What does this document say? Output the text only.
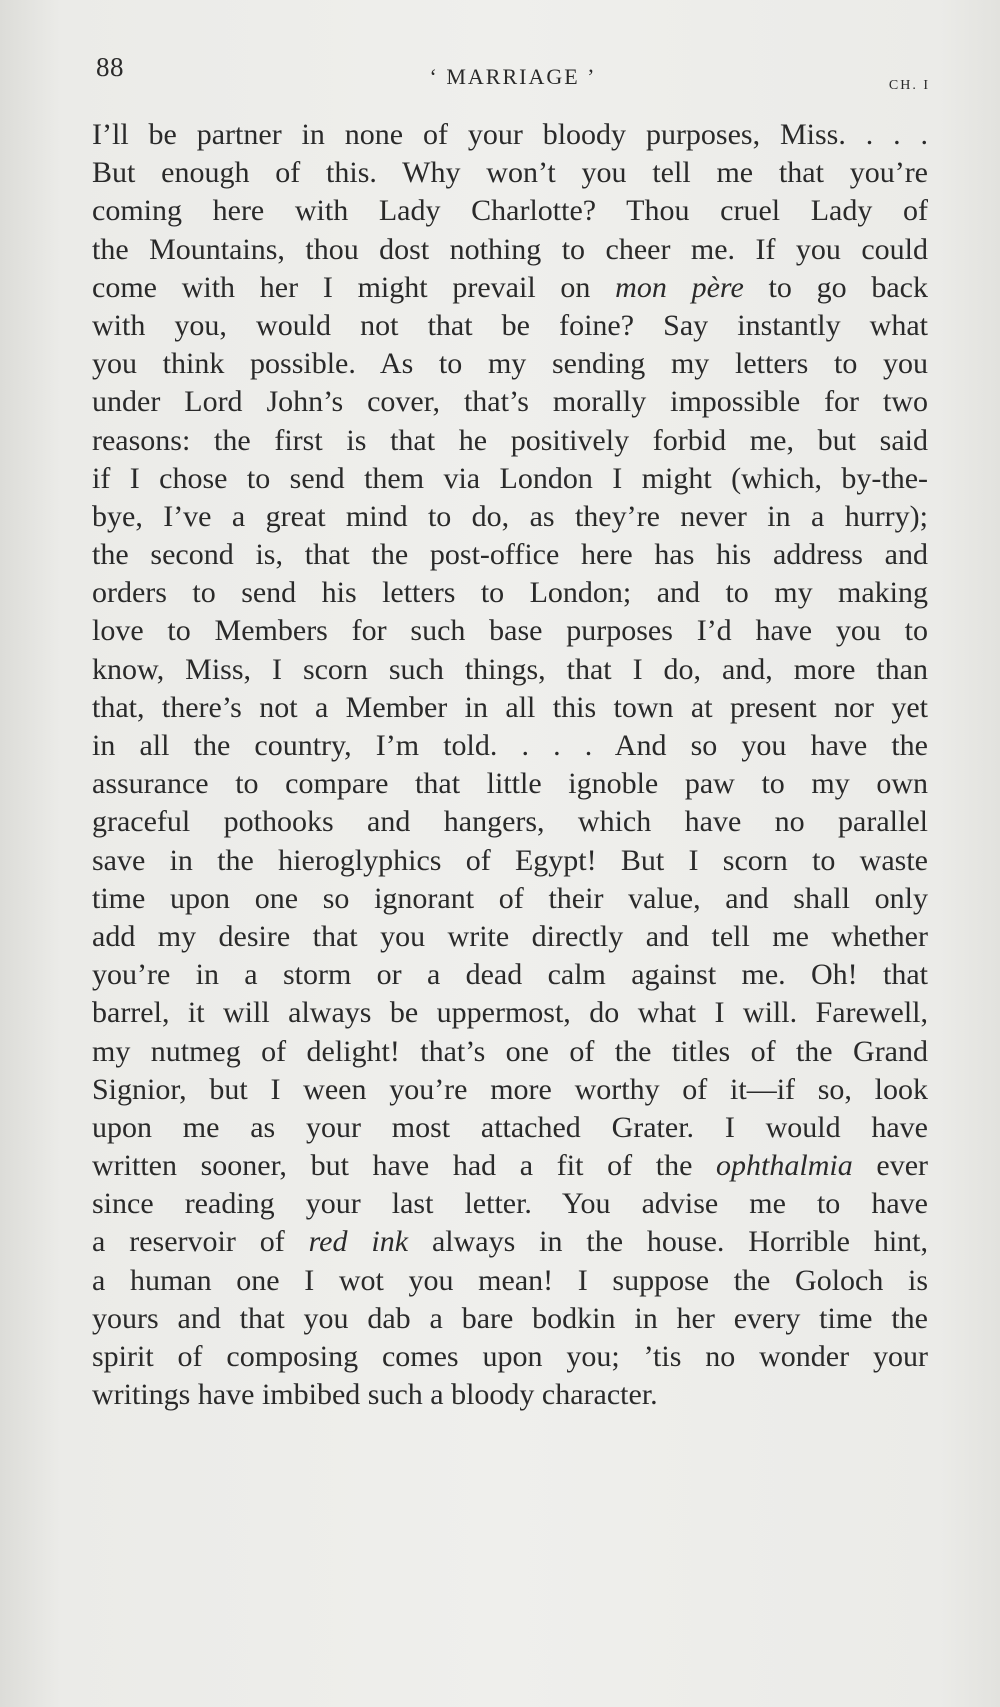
88	‘ MARRIAGE ’	CH. I
I’ll be partner in none of your bloody purposes, Miss. . . .
But enough of this. Why won’t you tell me that you’re
coming here with Lady Charlotte? Thou cruel Lady of
the Mountains, thou dost nothing to cheer me. If you could
come with her I might prevail on mon père to go back
with you, would not that be foine? Say instantly what
you think possible. As to my sending my letters to you
under Lord John’s cover, that’s morally impossible for two
reasons: the first is that he positively forbid me, but said
if I chose to send them via London I might (which, by-the-
bye, I’ve a great mind to do, as they’re never in a hurry);
the second is, that the post-office here has his address and
orders to send his letters to London; and to my making
love to Members for such base purposes I’d have you to
know, Miss, I scorn such things, that I do, and, more than
that, there’s not a Member in all this town at present nor yet
in all the country, I’m told. . . . And so you have the
assurance to compare that little ignoble paw to my own
graceful pothooks and hangers, which have no parallel
save in the hieroglyphics of Egypt! But I scorn to waste
time upon one so ignorant of their value, and shall only
add my desire that you write directly and tell me whether
you’re in a storm or a dead calm against me. Oh! that
barrel, it will always be uppermost, do what I will. Farewell,
my nutmeg of delight! that’s one of the titles of the Grand
Signior, but I ween you’re more worthy of it—if so, look
upon me as your most attached Grater. I would have
written sooner, but have had a fit of the ophthalmia ever
since reading your last letter. You advise me to have
a reservoir of red ink always in the house. Horrible hint,
a human one I wot you mean! I suppose the Goloch is
yours and that you dab a bare bodkin in her every time the
spirit of composing comes upon you; ’tis no wonder your
writings have imbibed such a bloody character.
